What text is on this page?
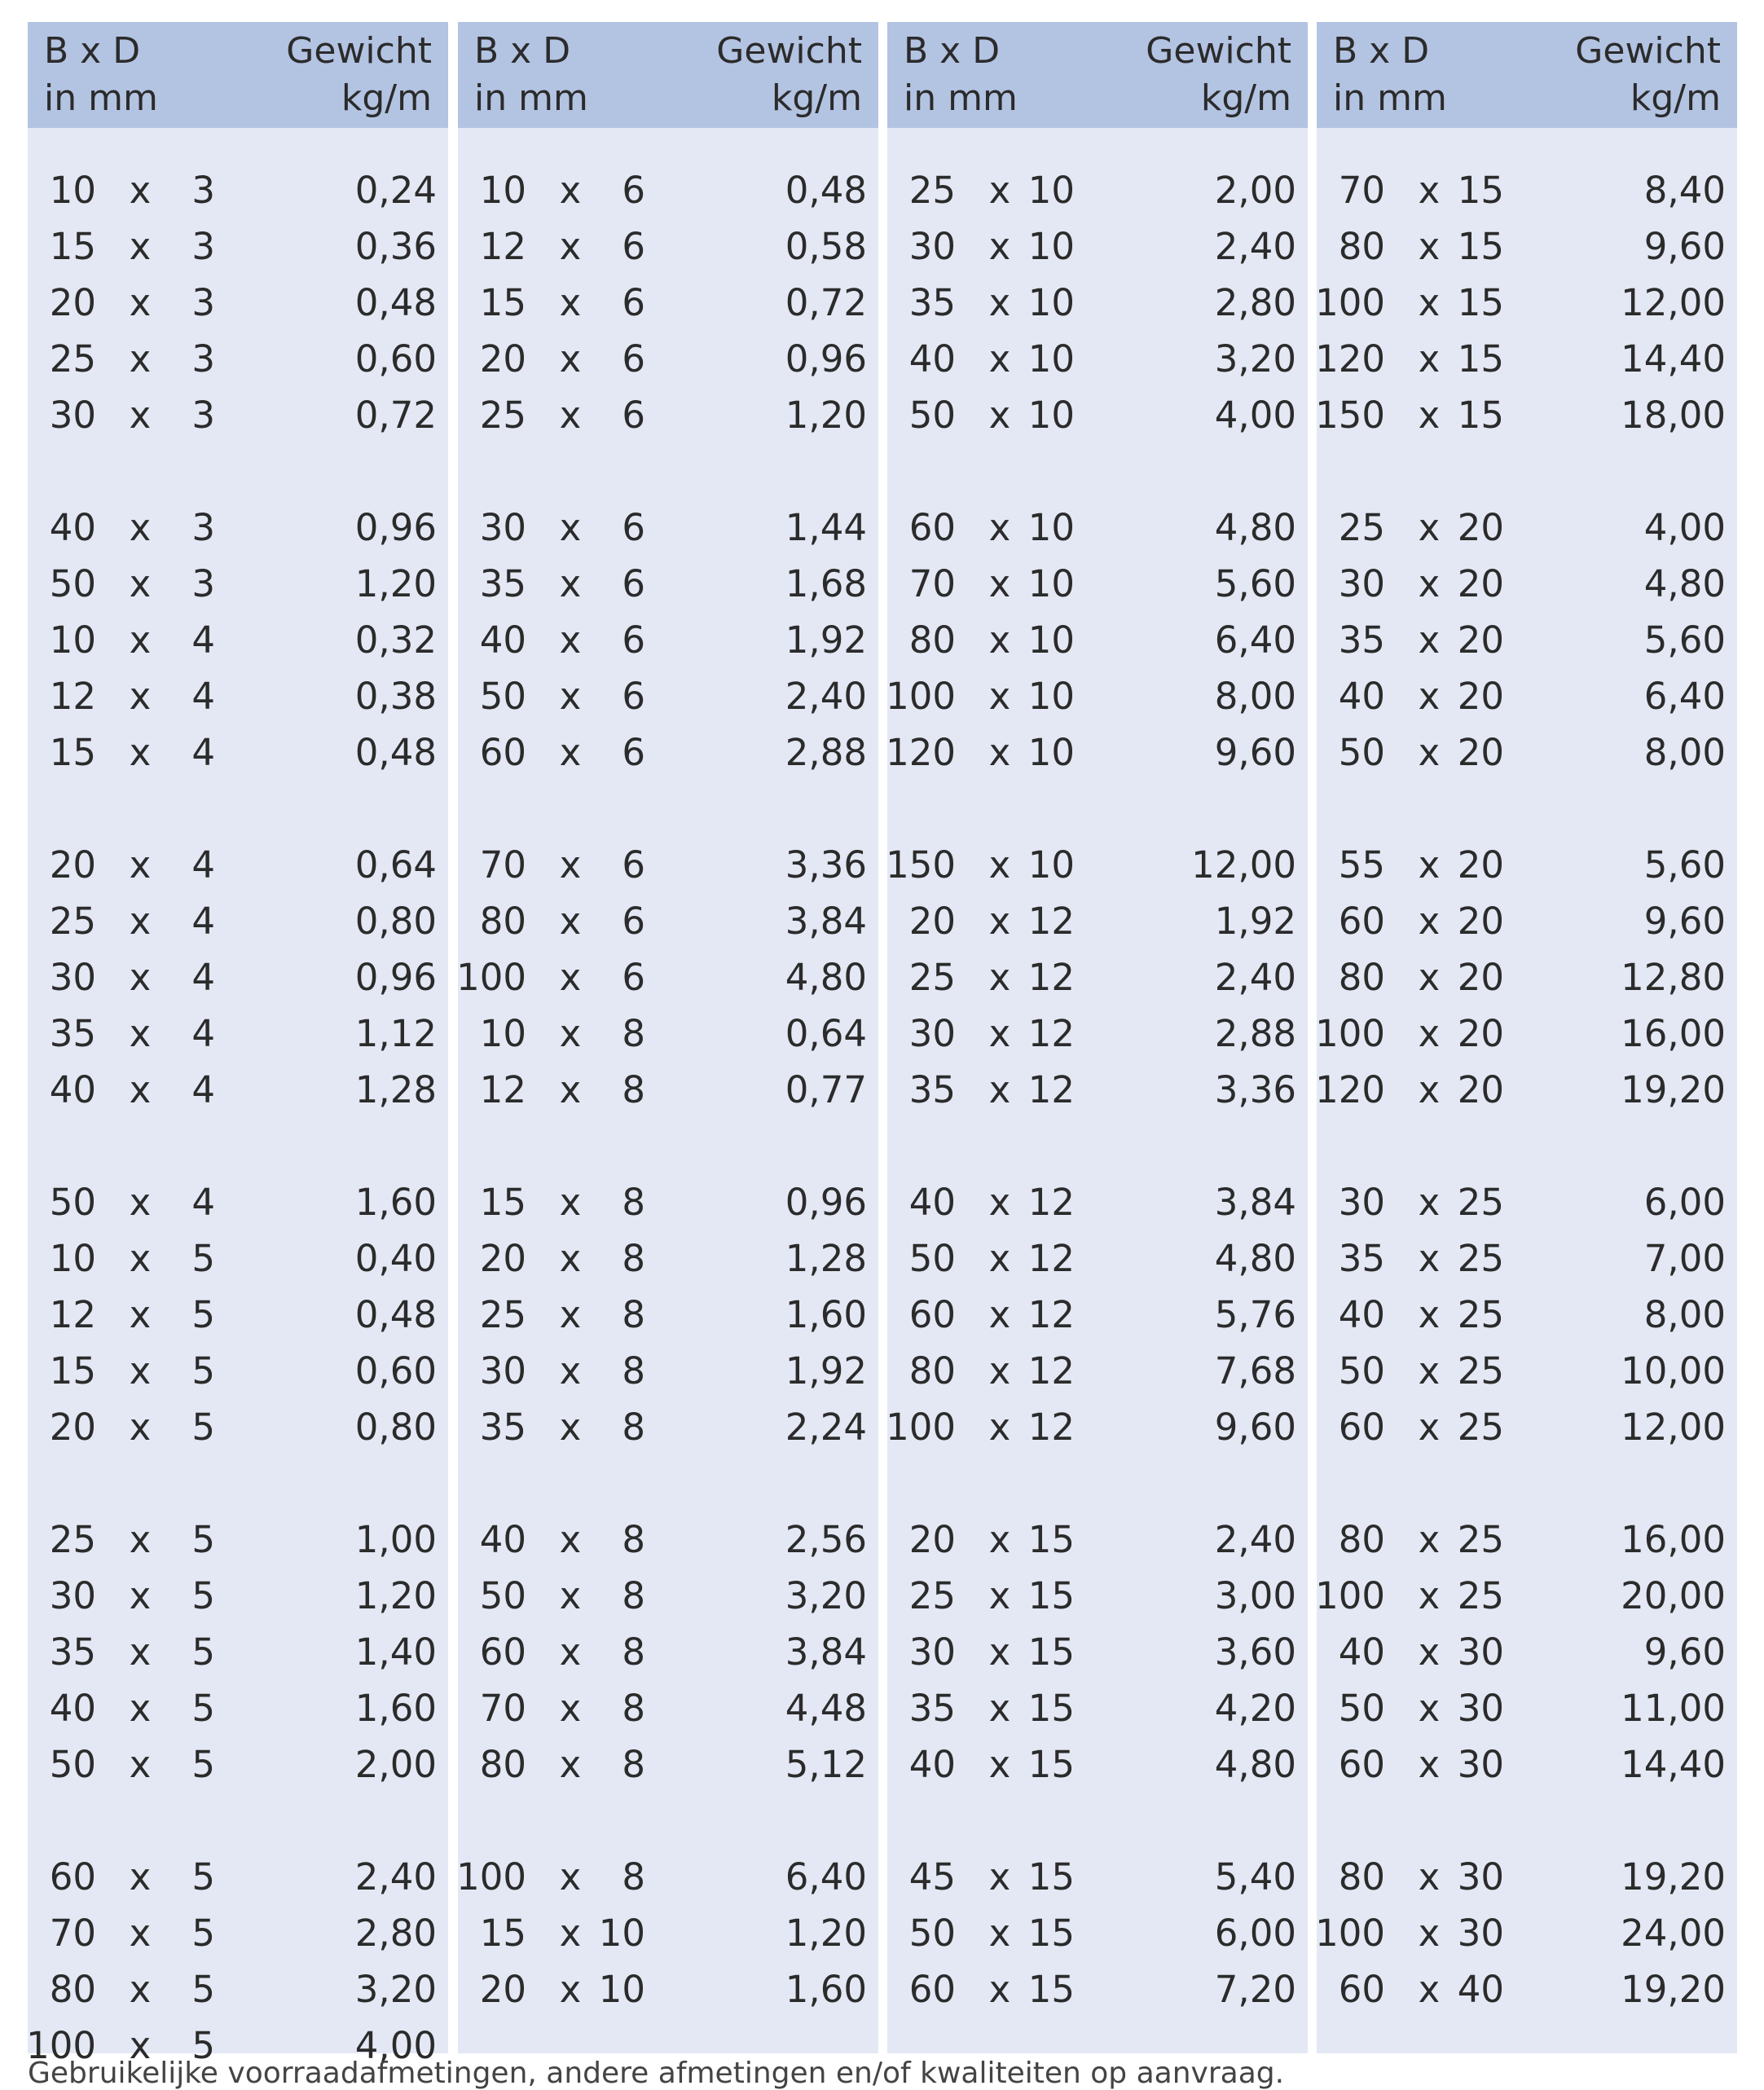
B x D
in mm
Gewicht
kg/m
10 x	3	0,24
15 x	3	0,36
20 x	3	0,48
25 x	3	0,60
30 x	3	0,72
40 x	3	0,96
50 x	3	1,20
10 x	4	0,32
12 x	4	0,38
15 x	4	0,48
20 x	4	0,64
25 x	4	0,80
30 x	4	0,96
35 x	4	1,12
40 x	4	1,28
50 x	4	1,60
10 x	5	0,40
12 x	5	0,48
15 x	5	0,60
20 x	5	0,80
25 x	5	1,00
30 x	5	1,20
35 x	5	1,40
40 x	5	1,60
50 x	5	2,00
60 x	5	2,40
70 x	5	2,80
80 x	5	3,20
100 x	5	4,00
B x D
in mm
Gewicht
kg/m
10 x	6	0,48
12 x	6	0,58
15 x	6	0,72
20 x	6	0,96
25 x	6	1,20
30 x	6	1,44
35 x	6	1,68
40 x	6	1,92
50 x	6	2,40
60 x	6	2,88
70 x	6	3,36
80 x	6	3,84
100 x	6	4,80
10 x	8	0,64
12 x	8	0,77
15 x	8	0,96
20 x	8	1,28
25 x	8	1,60
30 x	8	1,92
35 x	8	2,24
40 x	8	2,56
50 x	8	3,20
60 x	8	3,84
70 x	8	4,48
80 x	8	5,12
100 x	8	6,40
15 x 10	1,20
20 x 10	1,60
B x D
in mm
Gewicht
kg/m
25 x 10	2,00
30 x 10	2,40
35 x 10	2,80
40 x 10	3,20
50 x 10	4,00
60 x 10	4,80
70 x 10	5,60
80 x 10	6,40
100 x 10	8,00
120 x 10	9,60
150 x 10	12,00
20 x 12	1,92
25 x 12	2,40
30 x 12	2,88
35 x 12	3,36
40 x 12	3,84
50 x 12	4,80
60 x 12	5,76
80 x 12	7,68
100 x 12	9,60
20 x 15	2,40
25 x 15	3,00
30 x 15	3,60
35 x 15	4,20
40 x 15	4,80
45 x 15	5,40
50 x 15	6,00
60 x 15	7,20
B x D
in mm
Gewicht
kg/m
70 x 15	8,40
80 x 15	9,60
100 x 15	12,00
120 x 15	14,40
150 x 15	18,00
25 x 20	4,00
30 x 20	4,80
35 x 20	5,60
40 x 20	6,40
50 x 20	8,00
55 x 20	5,60
60 x 20	9,60
80 x 20	12,80
100 x 20	16,00
120 x 20	19,20
30 x 25	6,00
35 x 25	7,00
40 x 25	8,00
50 x 25	10,00
60 x 25	12,00
80 x 25	16,00
100 x 25	20,00
40 x 30	9,60
50 x 30	11,00
60 x 30	14,40
80 x 30	19,20
100 x 30	24,00
60 x 40	19,20
Gebruikelijke voorraadafmetingen, andere afmetingen en/of kwaliteiten op aanvraag.
